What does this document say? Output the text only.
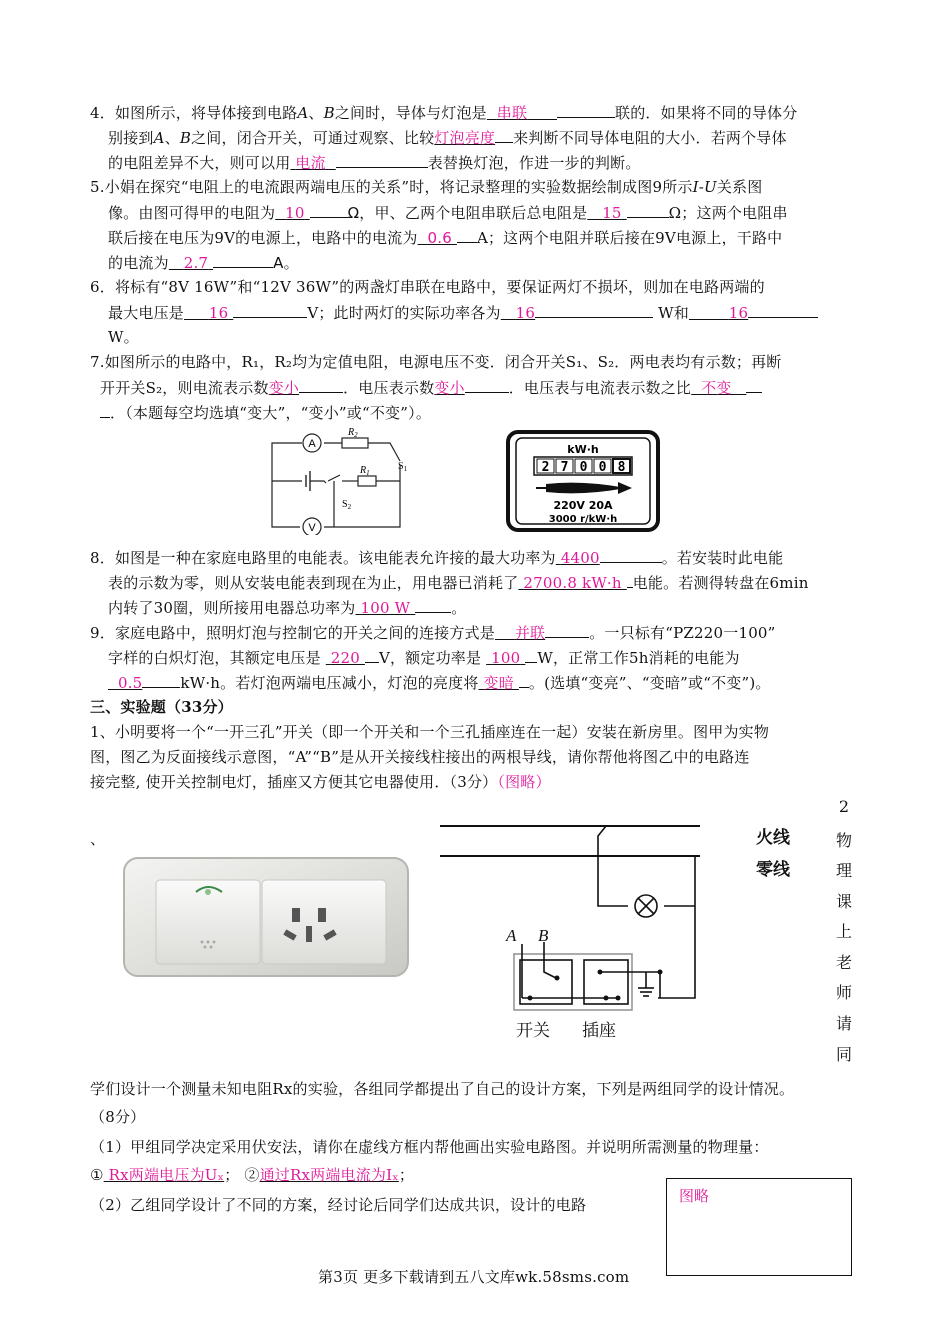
4．如图所示，将导体接到电路A、B之间时，导体与灯泡是 串联	联的．如果将不同的导体分
别接到A、B之间，闭合开关，可通过观察、比较灯泡亮度 来判断不同导体电阻的大小．若两个导体
的电阻差异不大，则可以用 电流	表替换灯泡，作进一步的判断。
5.小娟在探究“电阻上的电流跟两端电压的关系”时，将记录整理的实验数据绘制成图9所示I-U关系图
像。由图可得甲的电阻为 10	Ω，甲、乙两个电阻串联后总电阻是 15	Ω；这两个电阻串
联后接在电压为9V的电源上，电路中的电流为 0.6 A；这两个电阻并联后接在9V电源上，干路中
的电流为 2.7	A。
6．将标有“8V 16W”和“12V 36W”的两盏灯串联在电路中，要保证两灯不损坏，则加在电路两端的
最大电压是 16	V；此时两灯的实际功率各为 16	W和	16
W。
7.如图所示的电路中，R₁，R₂均为定值电阻，电源电压不变．闭合开关S₁、S₂．两电表均有示数；再断
开开关S₂，则电流表示数变小	．电压表示数变小	．电压表与电流表示数之比 不变
．（本题每空均选填“变大”，“变小”或“不变”）。
A
V
$R_2$
$R_1$
$S_1$
$S_2$
kW·h
2 7 0 0 8
220V 20A
3000 r/kW·h
8．如图是一种在家庭电路里的电能表。该电能表允许接的最大功率为 4400	。若安装时此电能
表的示数为零，则从安装电能表到现在为止，用电器已消耗了 2700.8 kW·h 电能。若测得转盘在6min
内转了30圈，则所接用电器总功率为 100 W	。
9．家庭电路中，照明灯泡与控制它的开关之间的连接方式是 并联	。一只标有“PZ220一100”
字样的白炽灯泡，其额定电压是 220 V，额定功率是 100 W，正常工作5h消耗的电能为
0.5	kW·h。若灯泡两端电压减小，灯泡的亮度将 变暗 。(选填“变亮”、“变暗”或“不变”)。
三、实验题（33分）
1、小明要将一个“一开三孔”开关（即一个开关和一个三孔插座连在一起）安装在新房里。图甲为实物
图，图乙为反面接线示意图，“A”“B”是从开关接线柱接出的两根导线，请你帮他将图乙中的电路连
接完整, 使开关控制电灯，插座又方便其它电器使用．（3分）（图略）
、
2
物
理
课
上
老
师
请
同
火线
零线
A B
开关 插座
学们设计一个测量未知电阻Rx的实验，各组同学都提出了自己的设计方案，下列是两组同学的设计情况。
（8分）
（1）甲组同学决定采用伏安法，请你在虚线方框内帮他画出实验电路图。并说明所需测量的物理量：
① Rx两端电压为Uₓ； ②通过Rx两端电流为Iₓ；
（2）乙组同学设计了不同的方案，经讨论后同学们达成共识，设计的电路	图略
第3页 更多下载请到五八文库wk.58sms.com
